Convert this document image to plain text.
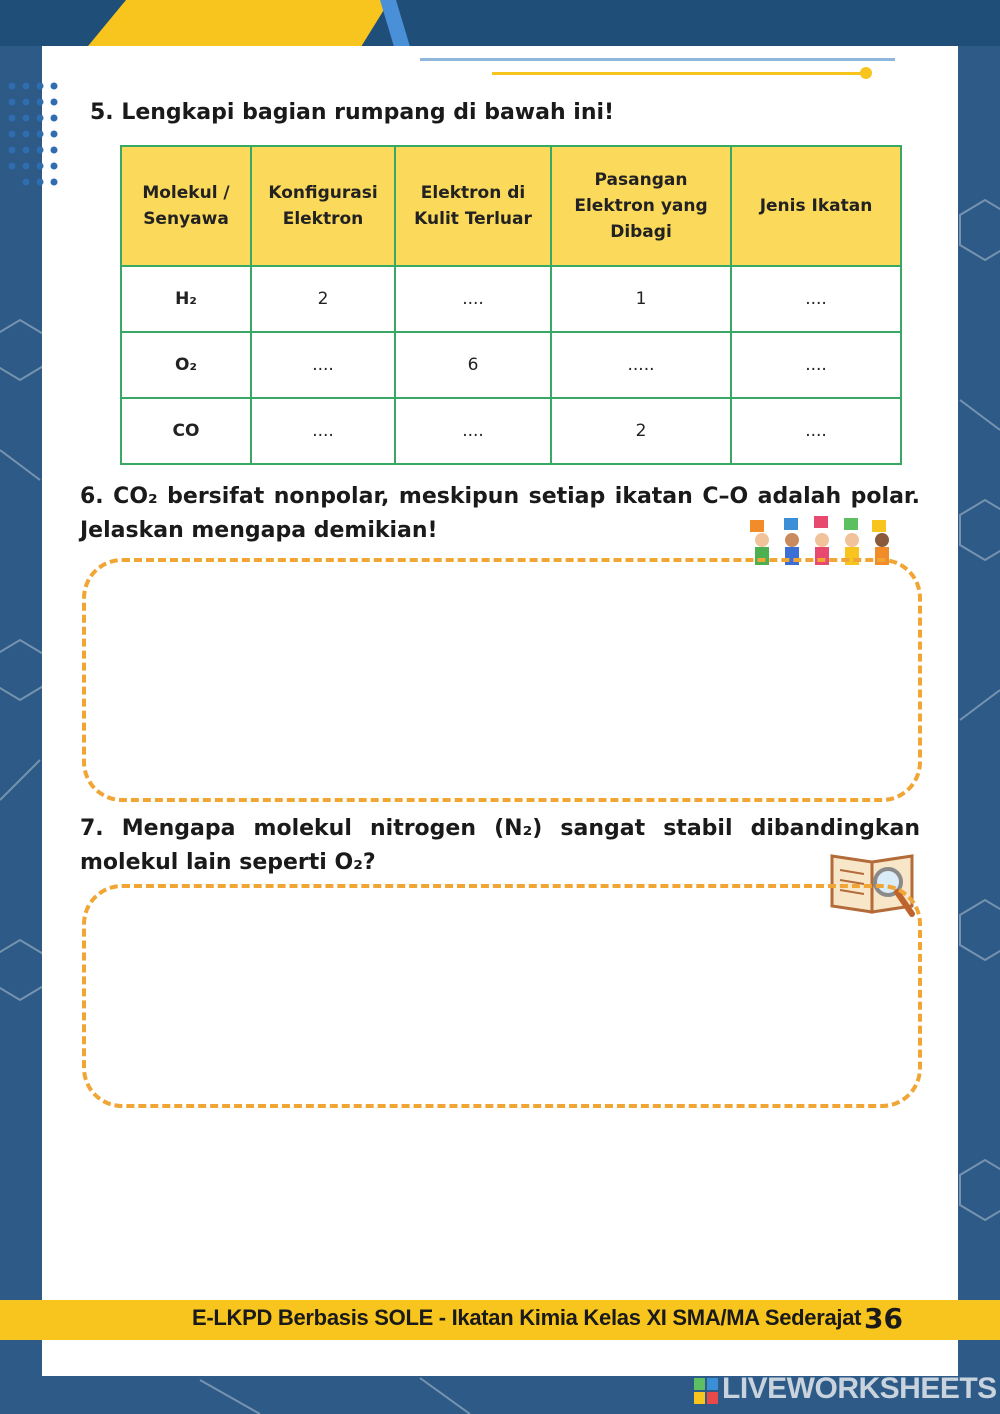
5. Lengkapi bagian rumpang di bawah ini!
Molekul / Senyawa	Konfigurasi Elektron	Elektron di Kulit Terluar	Pasangan Elektron yang Dibagi	Jenis Ikatan
H₂	2	....	1	....
O₂	....	6	.....	....
CO	....	....	2	....
6. CO₂ bersifat nonpolar, meskipun setiap ikatan C–O adalah polar. Jelaskan mengapa demikian!
7. Mengapa molekul nitrogen (N₂) sangat stabil dibandingkan molekul lain seperti O₂?
E-LKPD Berbasis SOLE - Ikatan Kimia Kelas XI SMA/MA Sederajat 36
LIVEWORKSHEETS
